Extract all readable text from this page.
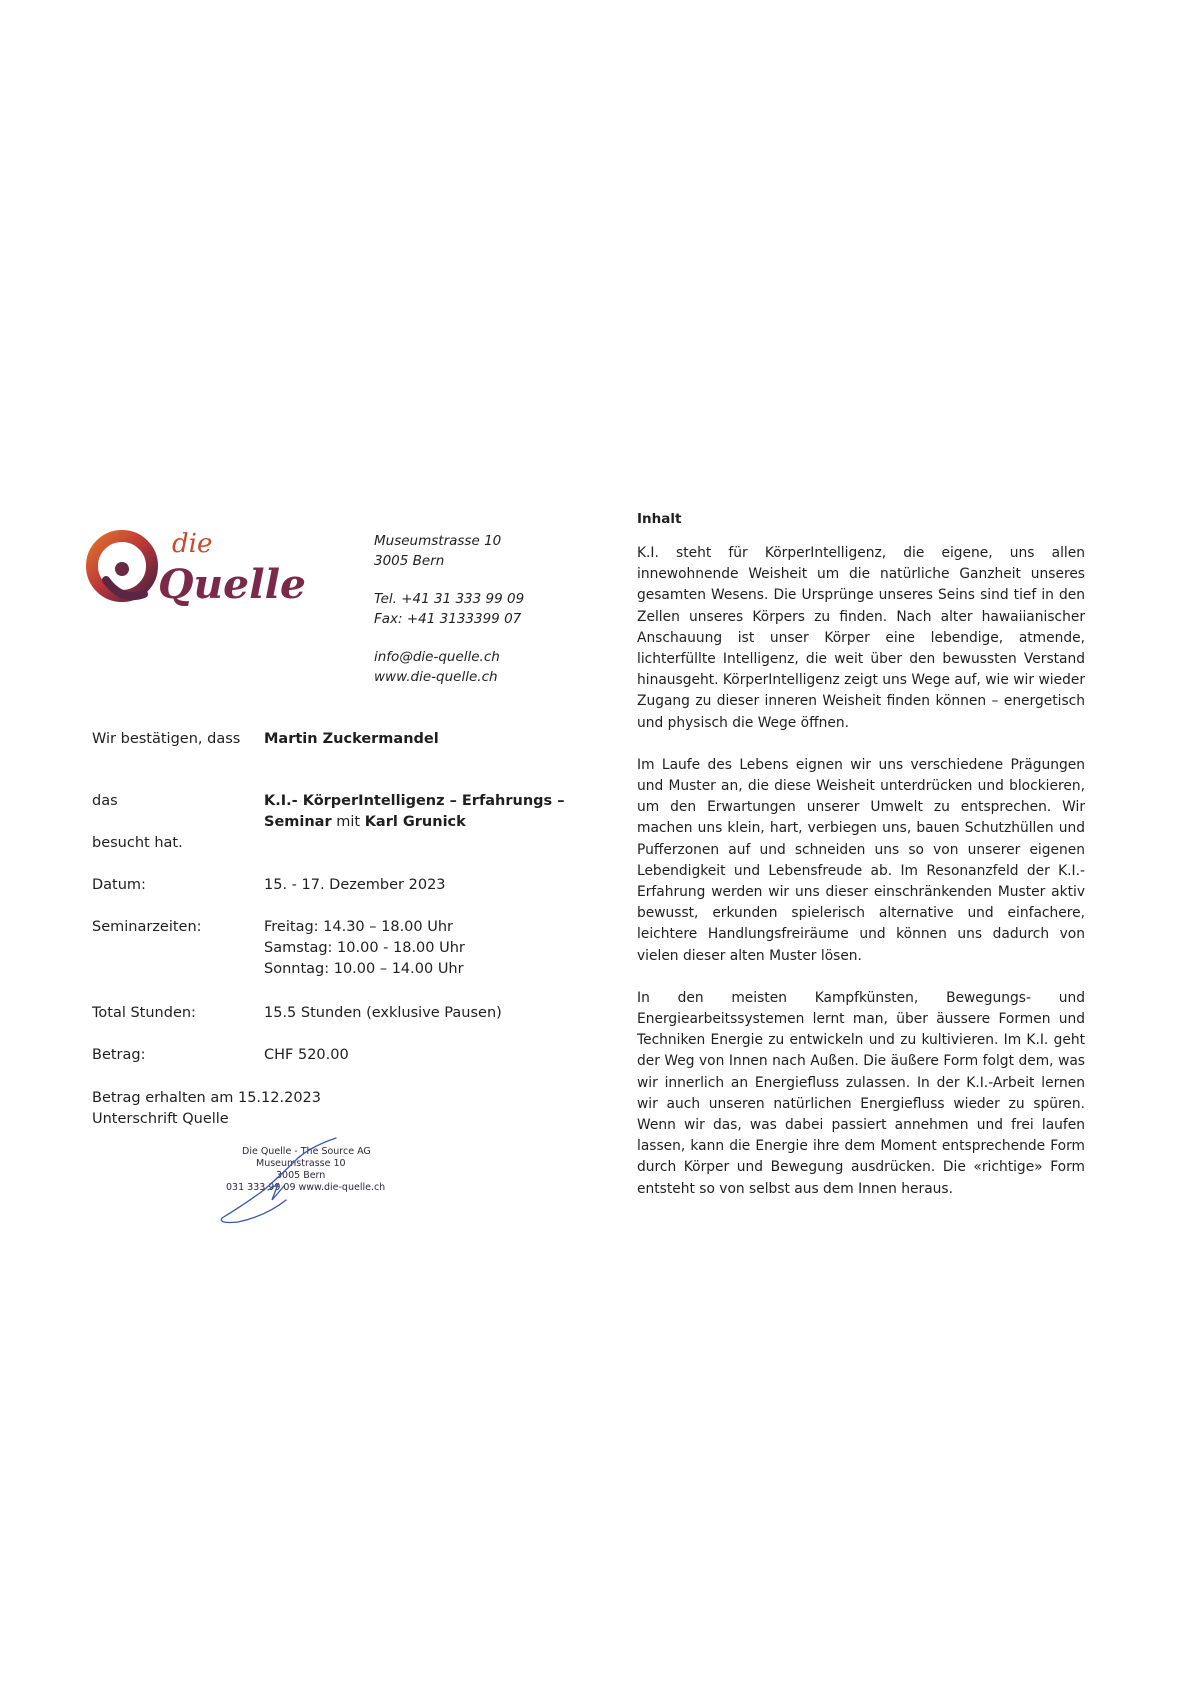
die
Quelle
Museumstrasse 10
3005 Bern
Tel. +41 31 333 99 09
Fax: +41 3133399 07
info@die-quelle.ch
www.die-quelle.ch
Wir bestätigen, dass Martin Zuckermandel
das	K.I.- KörperIntelligenz – Erfahrungs –
Seminar mit Karl Grunick
besucht hat.
Datum:	15. - 17. Dezember 2023
Seminarzeiten:	Freitag: 14.30 – 18.00 Uhr
Samstag: 10.00 - 18.00 Uhr
Sonntag: 10.00 – 14.00 Uhr
Total Stunden:	15.5 Stunden (exklusive Pausen)
Betrag:	CHF 520.00
Betrag erhalten am 15.12.2023
Unterschrift Quelle
Die Quelle - The Source AG
Museumstrasse 10
3005 Bern
031 333 99 09 www.die-quelle.ch
Inhalt

K.I. steht für KörperIntelligenz, die eigene, uns allen innewohnende Weisheit um die natürliche Ganzheit unseres gesamten Wesens. Die Ursprünge unseres Seins sind tief in den Zellen unseres Körpers zu finden. Nach alter hawaiianischer Anschauung ist unser Körper eine lebendige, atmende, lichterfüllte Intelligenz, die weit über den bewussten Verstand hinausgeht. KörperIntelligenz zeigt uns Wege auf, wie wir wieder Zugang zu dieser inneren Weisheit finden können – energetisch und physisch die Wege öffnen.

Im Laufe des Lebens eignen wir uns verschiedene Prägungen und Muster an, die diese Weisheit unterdrücken und blockieren, um den Erwartungen unserer Umwelt zu entsprechen. Wir machen uns klein, hart, verbiegen uns, bauen Schutzhüllen und Pufferzonen auf und schneiden uns so von unserer eigenen Lebendigkeit und Lebensfreude ab. Im Resonanzfeld der K.I.-Erfahrung werden wir uns dieser einschränkenden Muster aktiv bewusst, erkunden spielerisch alternative und einfachere, leichtere Handlungsfreiräume und können uns dadurch von vielen dieser alten Muster lösen.

In den meisten Kampfkünsten, Bewegungs- und Energiearbeitssystemen lernt man, über äussere Formen und Techniken Energie zu entwickeln und zu kultivieren. Im K.I. geht der Weg von Innen nach Außen. Die äußere Form folgt dem, was wir innerlich an Energiefluss zulassen. In der K.I.-Arbeit lernen wir auch unseren natürlichen Energiefluss wieder zu spüren. Wenn wir das, was dabei passiert annehmen und frei laufen lassen, kann die Energie ihre dem Moment entsprechende Form durch Körper und Bewegung ausdrücken. Die «richtige» Form entsteht so von selbst aus dem Innen heraus.
